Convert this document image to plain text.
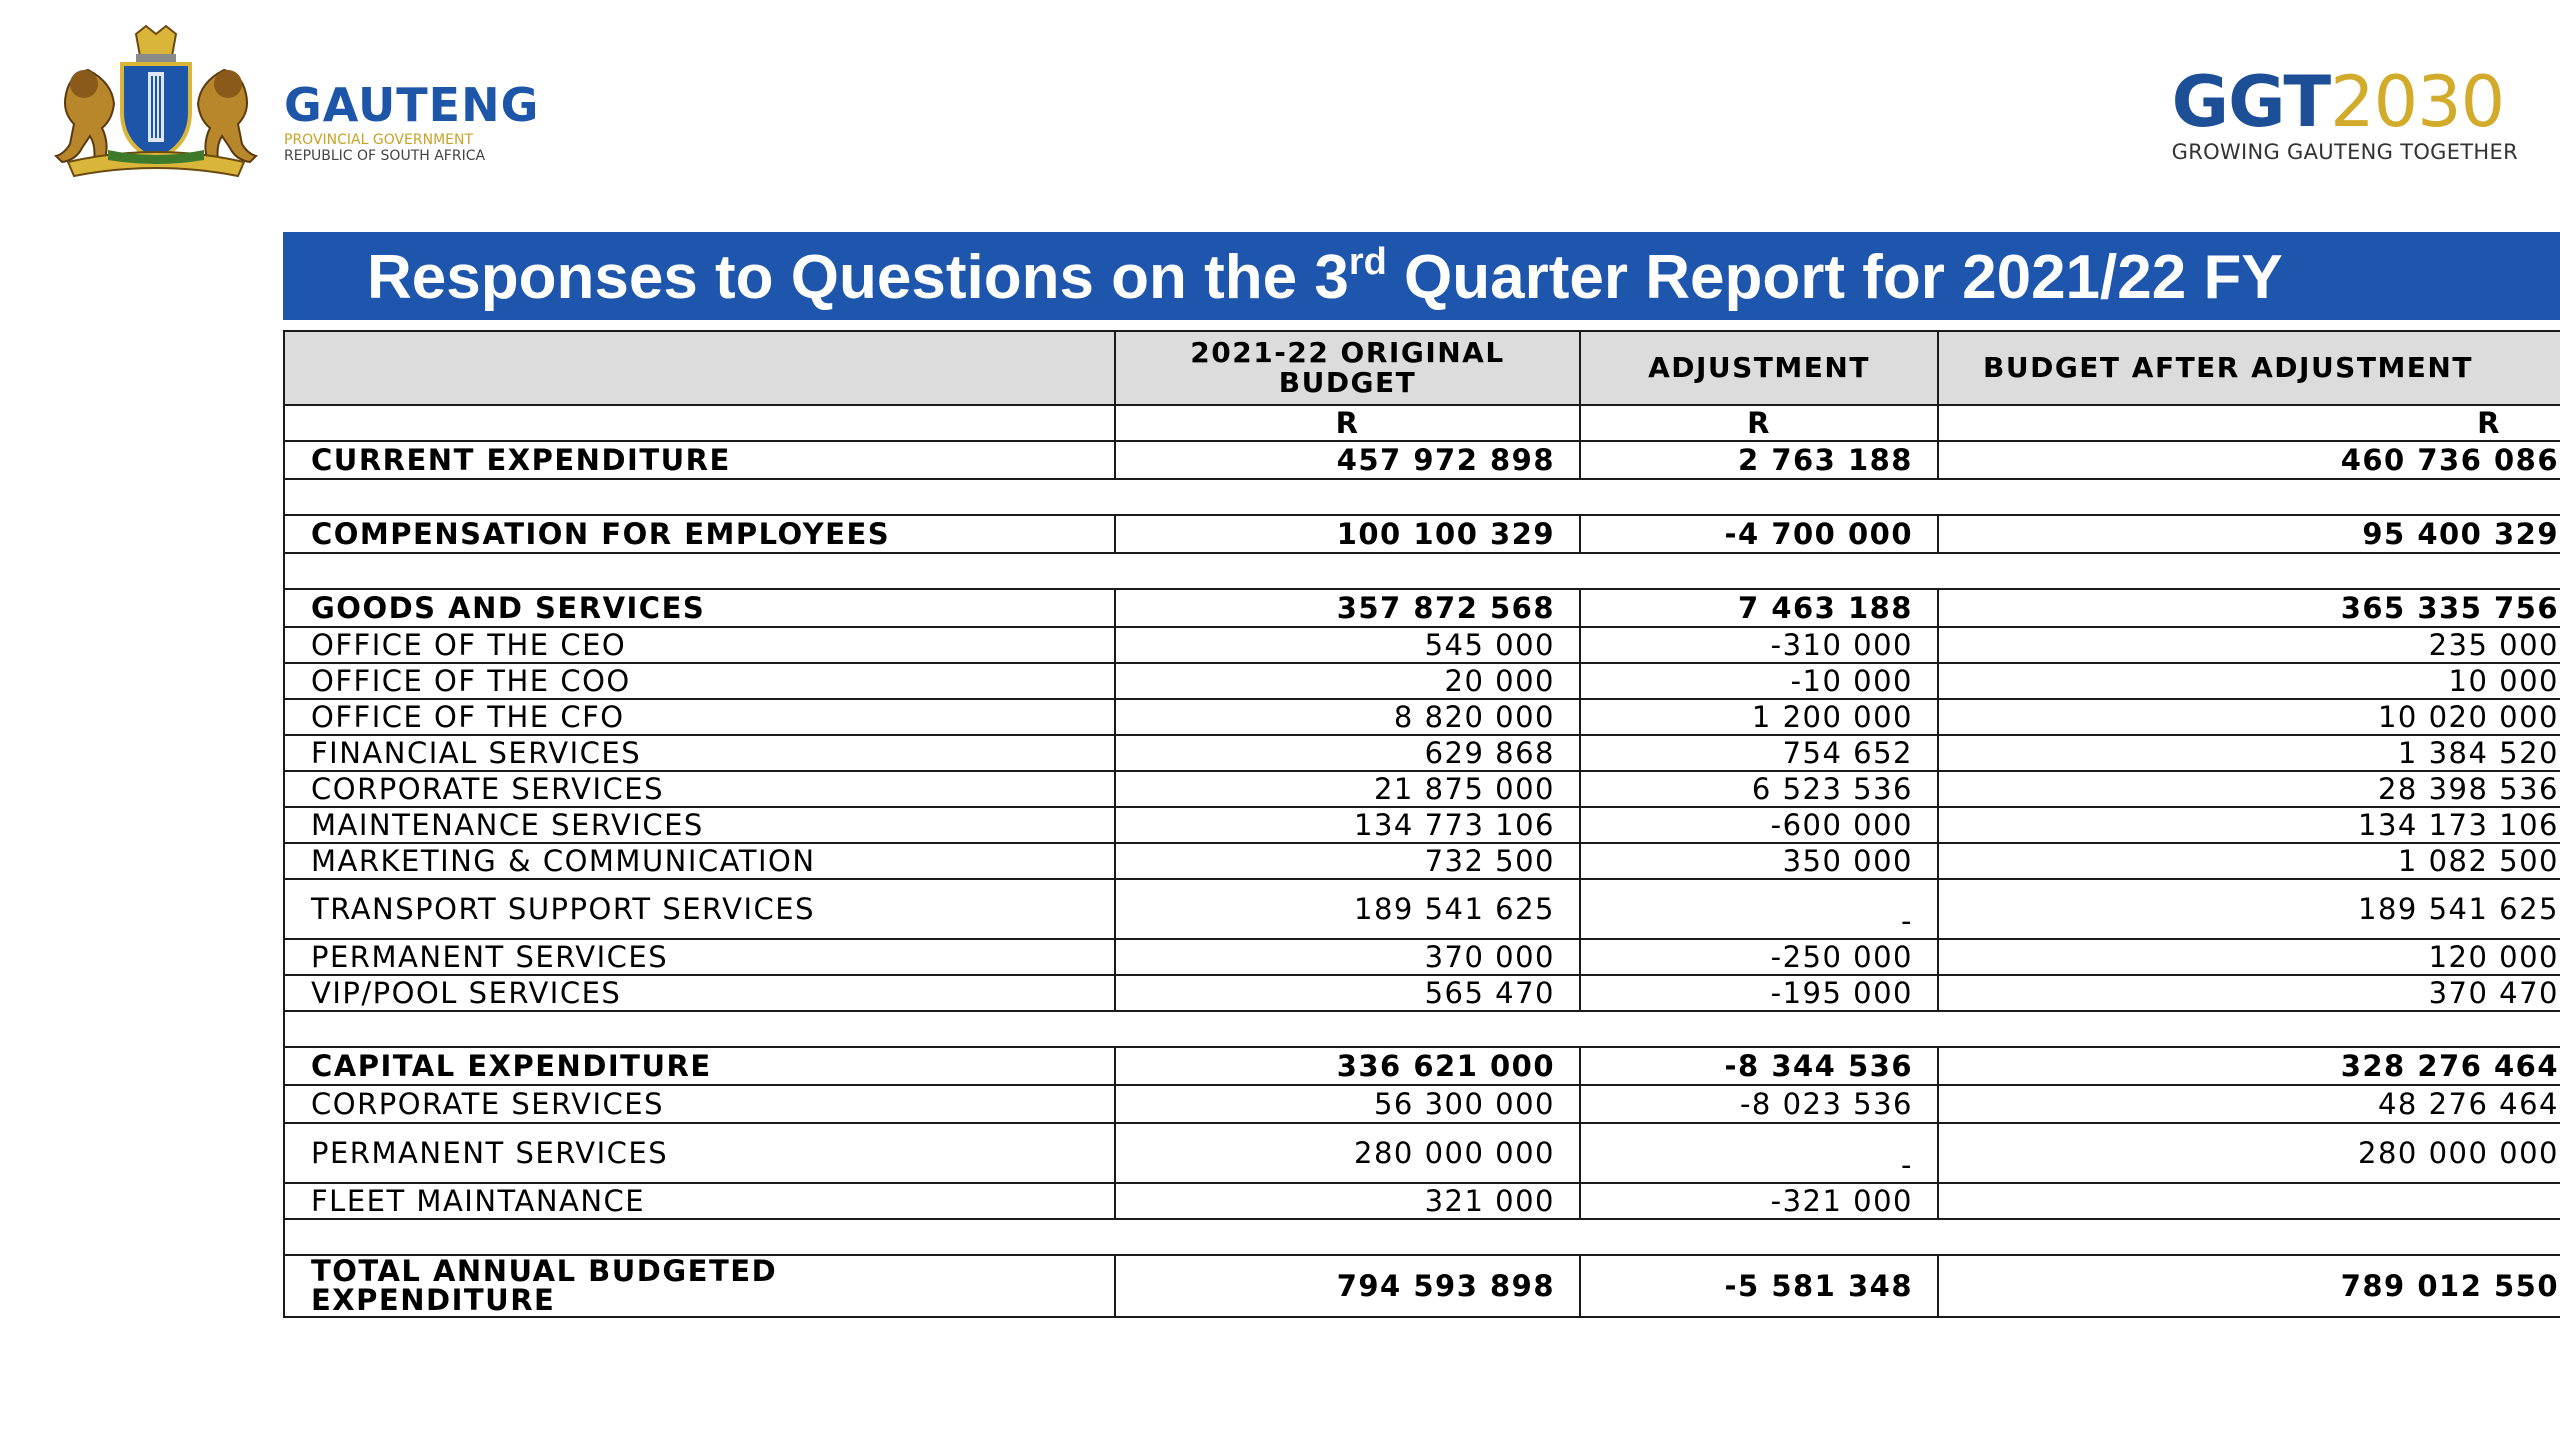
GAUTENG
PROVINCIAL GOVERNMENT
REPUBLIC OF SOUTH AFRICA
GGT2030
GROWING GAUTENG TOGETHER
Responses to Questions on the 3rd Quarter Report for 2021/22 FY
	2021-22 ORIGINAL BUDGET	ADJUSTMENT	BUDGET AFTER ADJUSTMENT
	R	R	R
CURRENT EXPENDITURE	457 972 898	2 763 188	460 736 086

COMPENSATION FOR EMPLOYEES	100 100 329	-4 700 000	95 400 329

GOODS AND SERVICES	357 872 568	7 463 188	365 335 756
OFFICE OF THE CEO	545 000	-310 000	235 000
OFFICE OF THE COO	20 000	-10 000	10 000
OFFICE OF THE CFO	8 820 000	1 200 000	10 020 000
FINANCIAL SERVICES	629 868	754 652	1 384 520
CORPORATE SERVICES	21 875 000	6 523 536	28 398 536
MAINTENANCE SERVICES	134 773 106	-600 000	134 173 106
MARKETING & COMMUNICATION	732 500	350 000	1 082 500
TRANSPORT SUPPORT SERVICES	189 541 625	-	189 541 625
PERMANENT SERVICES	370 000	-250 000	120 000
VIP/POOL SERVICES	565 470	-195 000	370 470

CAPITAL EXPENDITURE	336 621 000	-8 344 536	328 276 464
CORPORATE SERVICES	56 300 000	-8 023 536	48 276 464
PERMANENT SERVICES	280 000 000	-	280 000 000
FLEET MAINTANANCE	321 000	-321 000	

TOTAL ANNUAL BUDGETED EXPENDITURE	794 593 898	-5 581 348	789 012 550
